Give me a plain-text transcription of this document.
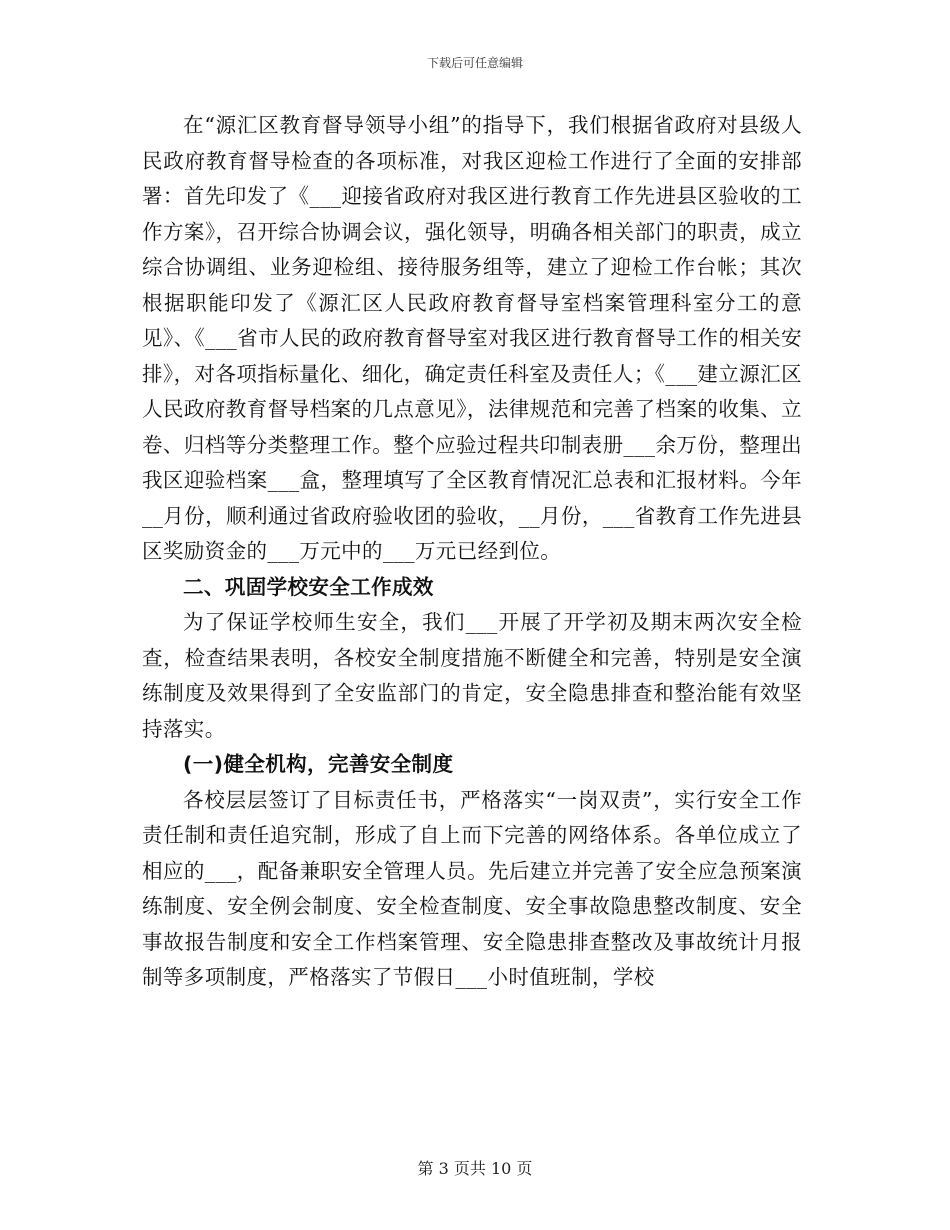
下载后可任意编辑

在“源汇区教育督导领导小组”的指导下，我们根据省政府对县级人民政府教育督导检查的各项标准，对我区迎检工作进行了全面的安排部署：首先印发了《___迎接省政府对我区进行教育工作先进县区验收的工作方案》，召开综合协调会议，强化领导，明确各相关部门的职责，成立综合协调组、业务迎检组、接待服务组等，建立了迎检工作台帐；其次根据职能印发了《源汇区人民政府教育督导室档案管理科室分工的意见》、《___省市人民的政府教育督导室对我区进行教育督导工作的相关安排》，对各项指标量化、细化，确定责任科室及责任人；《___建立源汇区人民政府教育督导档案的几点意见》，法律规范和完善了档案的收集、立卷、归档等分类整理工作。整个应验过程共印制表册___余万份，整理出我区迎验档案___盒，整理填写了全区教育情况汇总表和汇报材料。今年__月份，顺利通过省政府验收团的验收，__月份，___省教育工作先进县区奖励资金的___万元中的___万元已经到位。

二、巩固学校安全工作成效

为了保证学校师生安全，我们___开展了开学初及期末两次安全检查，检查结果表明，各校安全制度措施不断健全和完善，特别是安全演练制度及效果得到了全安监部门的肯定，安全隐患排查和整治能有效坚持落实。

(一)健全机构，完善安全制度

各校层层签订了目标责任书，严格落实“一岗双责”，实行安全工作责任制和责任追究制，形成了自上而下完善的网络体系。各单位成立了相应的___，配备兼职安全管理人员。先后建立并完善了安全应急预案演练制度、安全例会制度、安全检查制度、安全事故隐患整改制度、安全事故报告制度和安全工作档案管理、安全隐患排查整改及事故统计月报制等多项制度，严格落实了节假日___小时值班制，学校

第 3 页共 10 页
